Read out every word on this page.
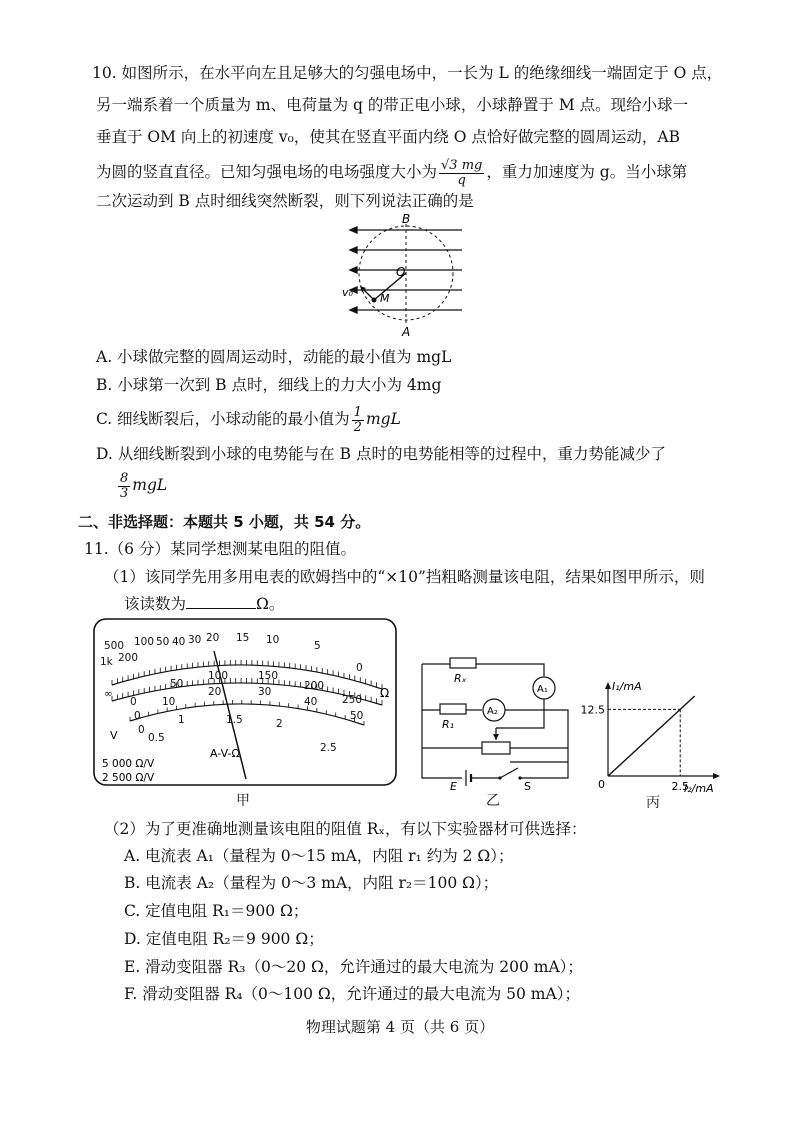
10. 如图所示，在水平向左且足够大的匀强电场中，一长为 L 的绝缘细线一端固定于 O 点，
另一端系着一个质量为 m、电荷量为 q 的带正电小球，小球静置于 M 点。现给小球一
垂直于 OM 向上的初速度 v₀，使其在竖直平面内绕 O 点恰好做完整的圆周运动，AB
为圆的竖直直径。已知匀强电场的电场强度大小为 $\frac{√3 mg}{q}$ ，重力加速度为 g。当小球第
二次运动到 B 点时细线突然断裂，则下列说法正确的是
B
O
v₀ M
A
A. 小球做完整的圆周运动时，动能的最小值为 mgL
B. 小球第一次到 B 点时，细线上的力大小为 4mg
C. 细线断裂后，小球动能的最小值为 $\frac{1}{2}$ mgL
D. 从细线断裂到小球的电势能与在 B 点时的电势能相等的过程中，重力势能减少了
$\frac{8}{3}$ mgL
二、非选择题：本题共 5 小题，共 54 分。
11.（6 分）某同学想测某电阻的阻值。
（1）该同学先用多用电表的欧姆挡中的“×10”挡粗略测量该电阻，结果如图甲所示，则
该读数为	Ω。
∞
1k
500
200
100 50 40 30 20 15 10	5
0
0
50
100	150
200
250
0
10
20	30
40
50
0
0.5
1	1.5	2
2.5
Ω
V
A-V-Ω
5 000 Ω/V
2 500 Ω/V
甲
Rₓ
R₁
A₁
A₂
E	S
乙
I₁/mA
I₂/mA
0
12.5
2.5
丙
（2）为了更准确地测量该电阻的阻值 Rₓ，有以下实验器材可供选择：
A. 电流表 A₁（量程为 0～15 mA，内阻 r₁ 约为 2 Ω）；
B. 电流表 A₂（量程为 0～3 mA，内阻 r₂＝100 Ω）；
C. 定值电阻 R₁＝900 Ω；
D. 定值电阻 R₂＝9 900 Ω；
E. 滑动变阻器 R₃（0～20 Ω，允许通过的最大电流为 200 mA）；
F. 滑动变阻器 R₄（0～100 Ω，允许通过的最大电流为 50 mA）；
物理试题第 4 页（共 6 页）
